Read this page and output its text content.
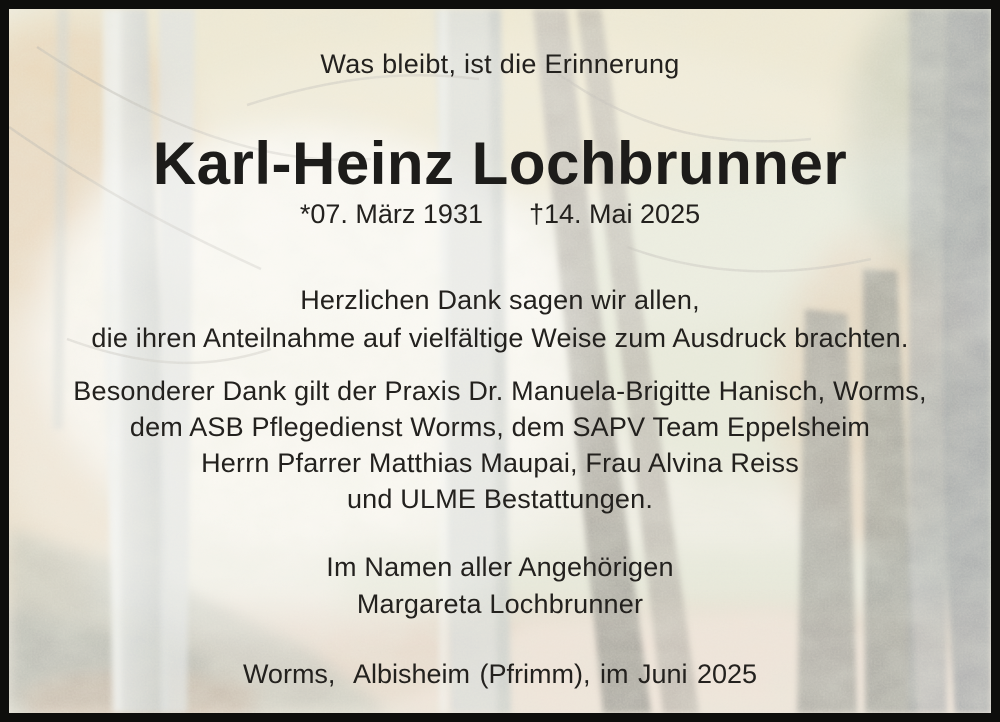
Was bleibt, ist die Erinnerung
Karl-Heinz Lochbrunner
*07. März 1931 †14. Mai 2025
Herzlichen Dank sagen wir allen,
die ihren Anteilnahme auf vielfältige Weise zum Ausdruck brachten.
Besonderer Dank gilt der Praxis Dr. Manuela-Brigitte Hanisch, Worms,
dem ASB Pflegedienst Worms, dem SAPV Team Eppelsheim
Herrn Pfarrer Matthias Maupai, Frau Alvina Reiss
und ULME Bestattungen.
Im Namen aller Angehörigen
Margareta Lochbrunner
Worms,  Albisheim (Pfrimm), im Juni 2025
